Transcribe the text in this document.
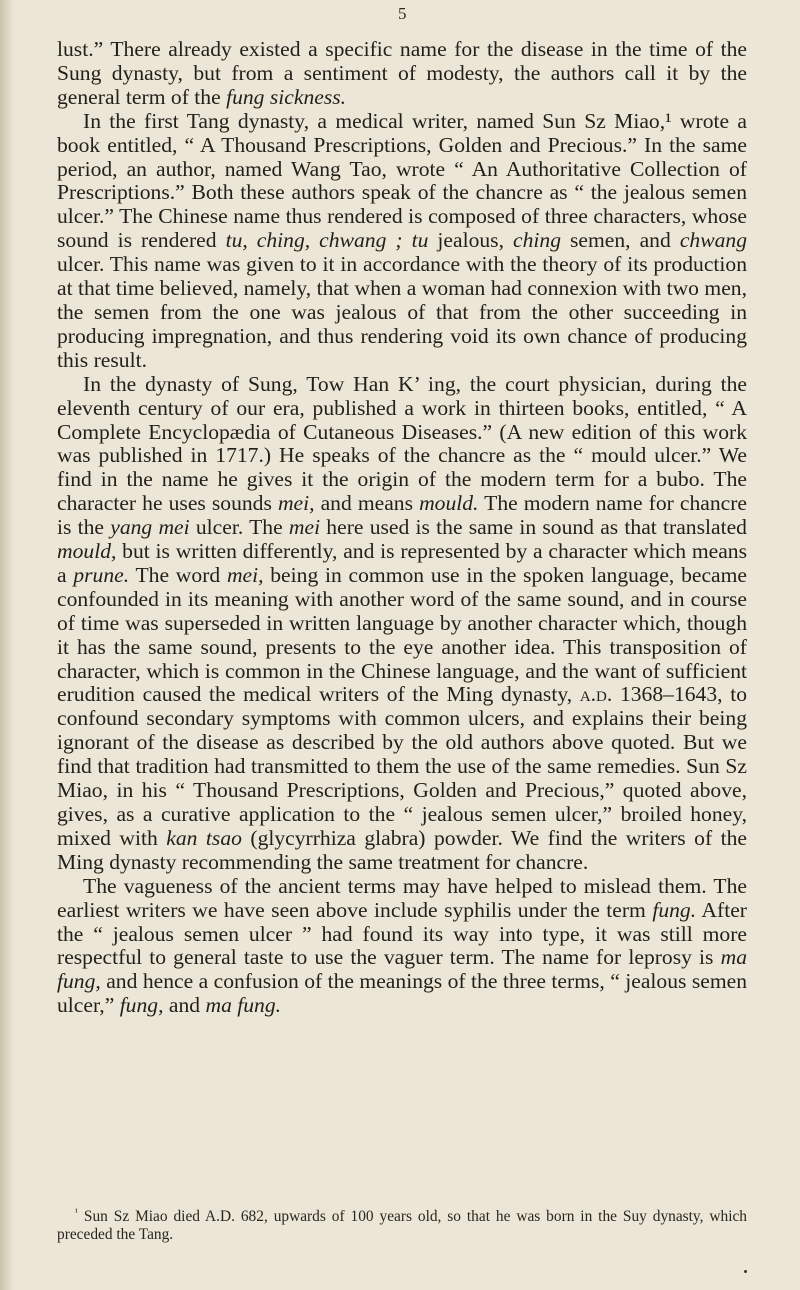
5

lust.” There already existed a specific name for the disease in the time of the Sung dynasty, but from a sentiment of modesty, the authors call it by the general term of the fung sickness.

In the first Tang dynasty, a medical writer, named Sun Sz Miao,¹ wrote a book entitled, “ A Thousand Prescriptions, Golden and Precious.” In the same period, an author, named Wang Tao, wrote “ An Authoritative Collection of Prescriptions.” Both these authors speak of the chancre as “ the jealous semen ulcer.” The Chinese name thus rendered is composed of three characters, whose sound is rendered tu, ching, chwang ; tu jealous, ching semen, and chwang ulcer. This name was given to it in accordance with the theory of its production at that time believed, namely, that when a woman had connexion with two men, the semen from the one was jealous of that from the other succeeding in producing impregnation, and thus rendering void its own chance of producing this result.

In the dynasty of Sung, Tow Han K’ ing, the court physician, during the eleventh century of our era, published a work in thirteen books, entitled, “ A Complete Encyclopædia of Cutaneous Diseases.” (A new edition of this work was published in 1717.) He speaks of the chancre as the “ mould ulcer.” We find in the name he gives it the origin of the modern term for a bubo. The character he uses sounds mei, and means mould. The modern name for chancre is the yang mei ulcer. The mei here used is the same in sound as that translated mould, but is written differently, and is represented by a character which means a prune. The word mei, being in common use in the spoken language, became confounded in its meaning with another word of the same sound, and in course of time was superseded in written language by another character which, though it has the same sound, presents to the eye another idea. This transposition of character, which is common in the Chinese language, and the want of sufficient erudition caused the medical writers of the Ming dynasty, a.d. 1368–1643, to confound secondary symptoms with common ulcers, and explains their being ignorant of the disease as described by the old authors above quoted. But we find that tradition had transmitted to them the use of the same remedies. Sun Sz Miao, in his “ Thousand Prescriptions, Golden and Precious,” quoted above, gives, as a curative application to the “ jealous semen ulcer,” broiled honey, mixed with kan tsao (glycyrrhiza glabra) powder. We find the writers of the Ming dynasty recommending the same treatment for chancre.

The vagueness of the ancient terms may have helped to mislead them. The earliest writers we have seen above include syphilis under the term fung. After the “ jealous semen ulcer ” had found its way into type, it was still more respectful to general taste to use the vaguer term. The name for leprosy is ma fung, and hence a confusion of the meanings of the three terms, “ jealous semen ulcer,” fung, and ma fung.

$^{^1}$ Sun Sz Miao died A.D. 682, upwards of 100 years old, so that he was born in the Suy dynasty, which preceded the Tang.
